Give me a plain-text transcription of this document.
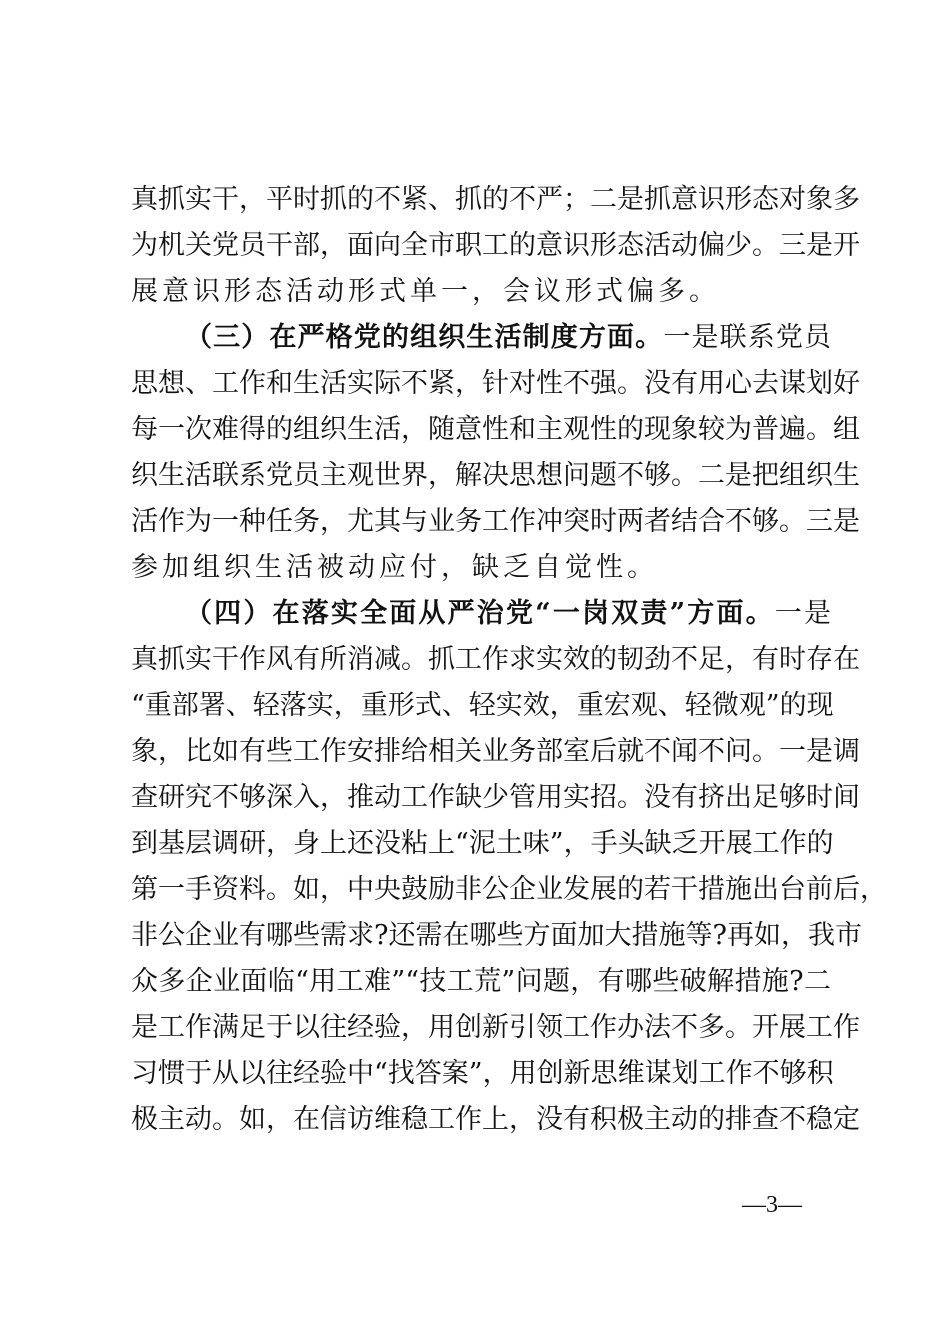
真抓实干，平时抓的不紧、抓的不严；二是抓意识形态对象多
为机关党员干部，面向全市职工的意识形态活动偏少。三是开
展意识形态活动形式单一，会议形式偏多。
（三）在严格党的组织生活制度方面。一是联系党员
思想、工作和生活实际不紧，针对性不强。没有用心去谋划好
每一次难得的组织生活，随意性和主观性的现象较为普遍。组
织生活联系党员主观世界，解决思想问题不够。二是把组织生
活作为一种任务，尤其与业务工作冲突时两者结合不够。三是
参加组织生活被动应付，缺乏自觉性。
（四）在落实全面从严治党“一岗双责”方面。一是
真抓实干作风有所消减。抓工作求实效的韧劲不足，有时存在
“重部署、轻落实，重形式、轻实效，重宏观、轻微观”的现
象，比如有些工作安排给相关业务部室后就不闻不问。一是调
查研究不够深入，推动工作缺少管用实招。没有挤出足够时间
到基层调研，身上还没粘上“泥土味”，手头缺乏开展工作的
第一手资料。如，中央鼓励非公企业发展的若干措施出台前后，
非公企业有哪些需求?还需在哪些方面加大措施等?再如，我市
众多企业面临“用工难”“技工荒”问题，有哪些破解措施?二
是工作满足于以往经验，用创新引领工作办法不多。开展工作
习惯于从以往经验中“找答案”，用创新思维谋划工作不够积
极主动。如，在信访维稳工作上，没有积极主动的排查不稳定
—3—
